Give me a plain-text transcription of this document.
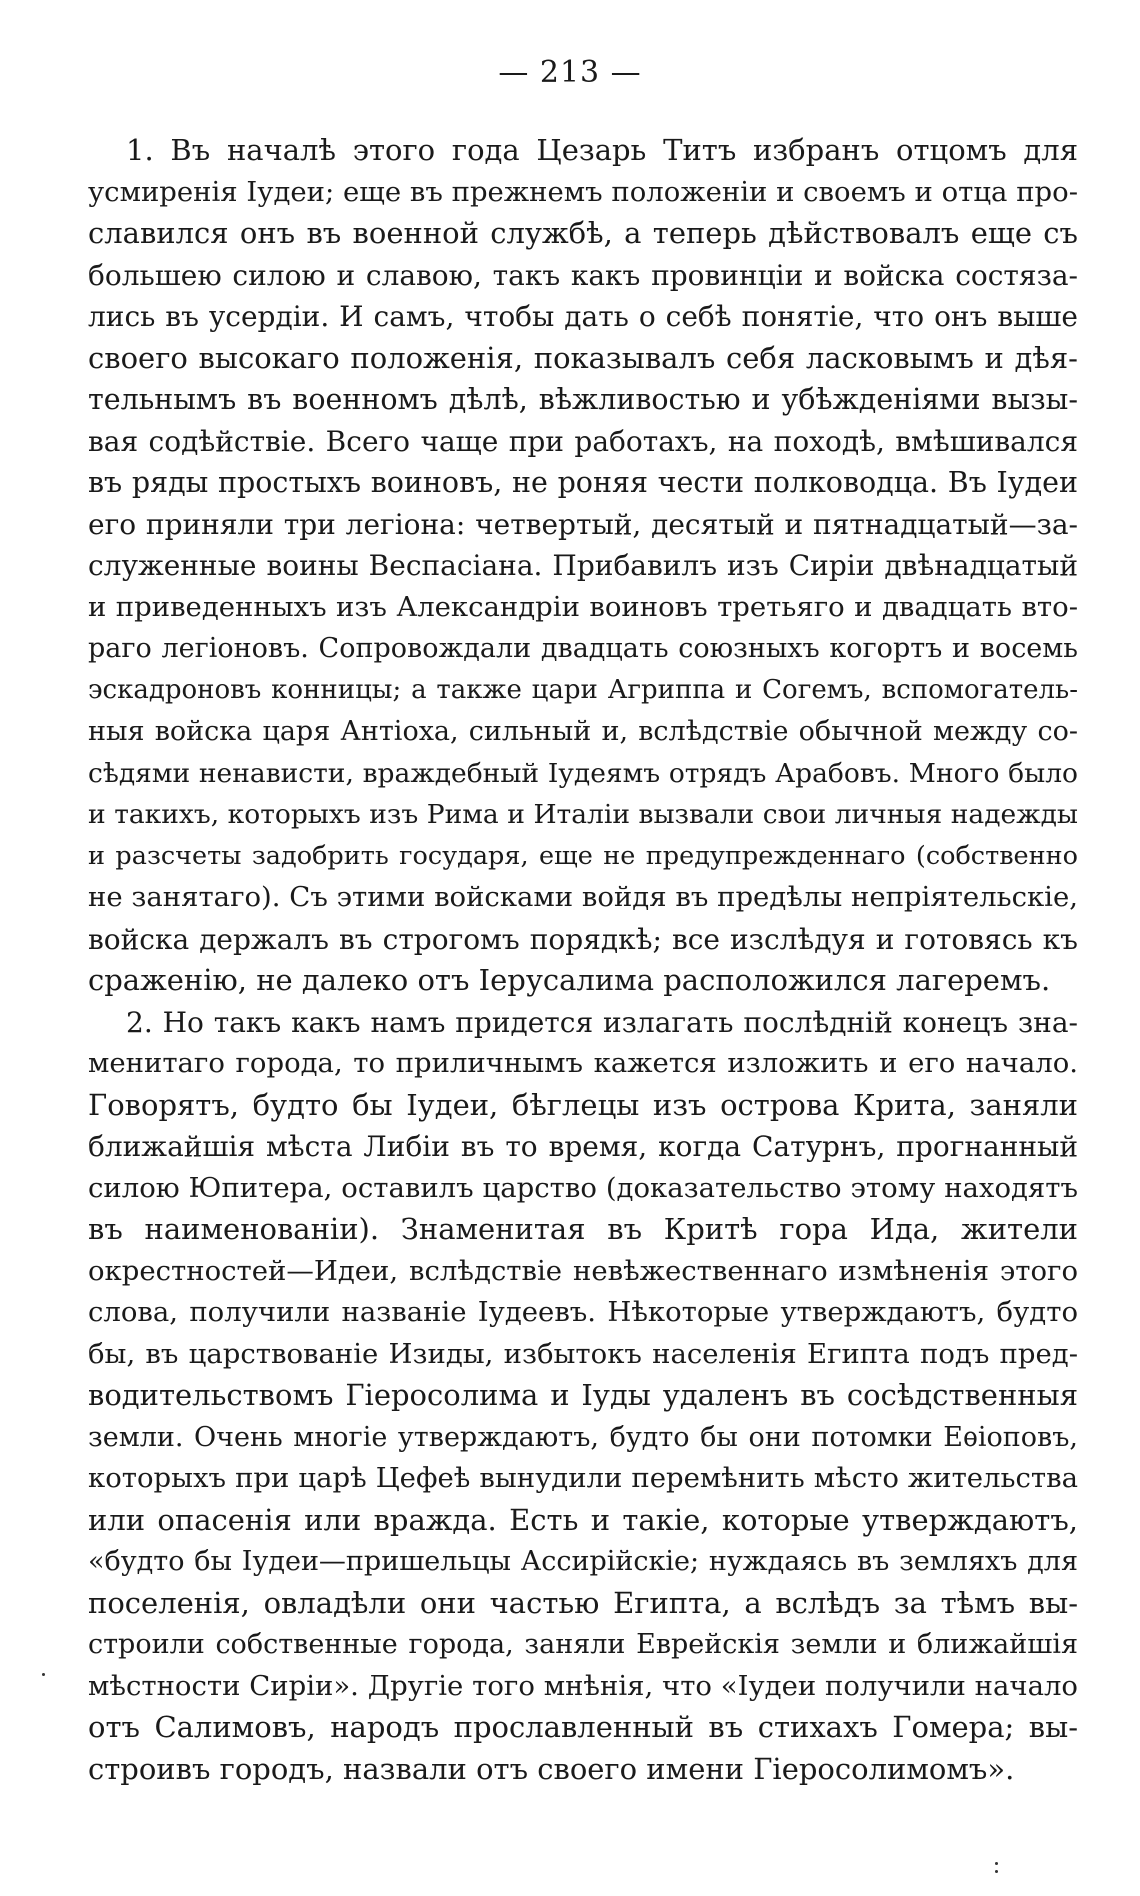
— 213 —
1. Въ началѣ этого года Цезарь Титъ избранъ отцомъ для
усмиренія Іудеи; еще въ прежнемъ положеніи и своемъ и отца про-
славился онъ въ военной службѣ, а теперь дѣйствовалъ еще съ
большею силою и славою, такъ какъ провинціи и войска состяза-
лись въ усердіи. И самъ, чтобы дать о себѣ понятіе, что онъ выше
своего высокаго положенія, показывалъ себя ласковымъ и дѣя-
тельнымъ въ военномъ дѣлѣ, вѣжливостью и убѣжденіями вызы-
вая содѣйствіе. Всего чаще при работахъ, на походѣ, вмѣшивался
въ ряды простыхъ воиновъ, не роняя чести полководца. Въ Іудеи
его приняли три легіона: четвертый, десятый и пятнадцатый—за-
служенные воины Веспасіана. Прибавилъ изъ Сиріи двѣнадцатый
и приведенныхъ изъ Александріи воиновъ третьяго и двадцать вто-
раго легіоновъ. Сопровождали двадцать союзныхъ когортъ и восемь
эскадроновъ конницы; а также цари Агриппа и Согемъ, вспомогатель-
ныя войска царя Антіоха, сильный и, вслѣдствіе обычной между со-
сѣдями ненависти, враждебный Іудеямъ отрядъ Арабовъ. Много было
и такихъ, которыхъ изъ Рима и Италіи вызвали свои личныя надежды
и разсчеты задобрить государя, еще не предупрежденнаго (собственно
не занятаго). Съ этими войсками войдя въ предѣлы непріятельскіе,
войска держалъ въ строгомъ порядкѣ; все изслѣдуя и готовясь къ
сраженію, не далеко отъ Іерусалима расположился лагеремъ.
2. Но такъ какъ намъ придется излагать послѣдній конецъ зна-
менитаго города, то приличнымъ кажется изложить и его начало.
Говорятъ, будто бы Іудеи, бѣглецы изъ острова Крита, заняли
ближайшія мѣста Либіи въ то время, когда Сатурнъ, прогнанный
силою Юпитера, оставилъ царство (доказательство этому находятъ
въ наименованіи). Знаменитая въ Критѣ гора Ида, жители
окрестностей—Идеи, вслѣдствіе невѣжественнаго измѣненія этого
слова, получили названіе Іудеевъ. Нѣкоторые утверждаютъ, будто
бы, въ царствованіе Изиды, избытокъ населенія Египта подъ пред-
водительствомъ Гіеросолима и Іуды удаленъ въ сосѣдственныя
земли. Очень многіе утверждаютъ, будто бы они потомки Еѳіоповъ,
которыхъ при царѣ Цефеѣ вынудили перемѣнить мѣсто жительства
или опасенія или вражда. Есть и такіе, которые утверждаютъ,
«будто бы Іудеи—пришельцы Ассирійскіе; нуждаясь въ земляхъ для
поселенія, овладѣли они частью Египта, а вслѣдъ за тѣмъ вы-
строили собственные города, заняли Еврейскія земли и ближайшія
мѣстности Сиріи». Другіе того мнѣнія, что «Іудеи получили начало
отъ Салимовъ, народъ прославленный въ стихахъ Гомера; вы-
строивъ городъ, назвали отъ своего имени Гіеросолимомъ».
